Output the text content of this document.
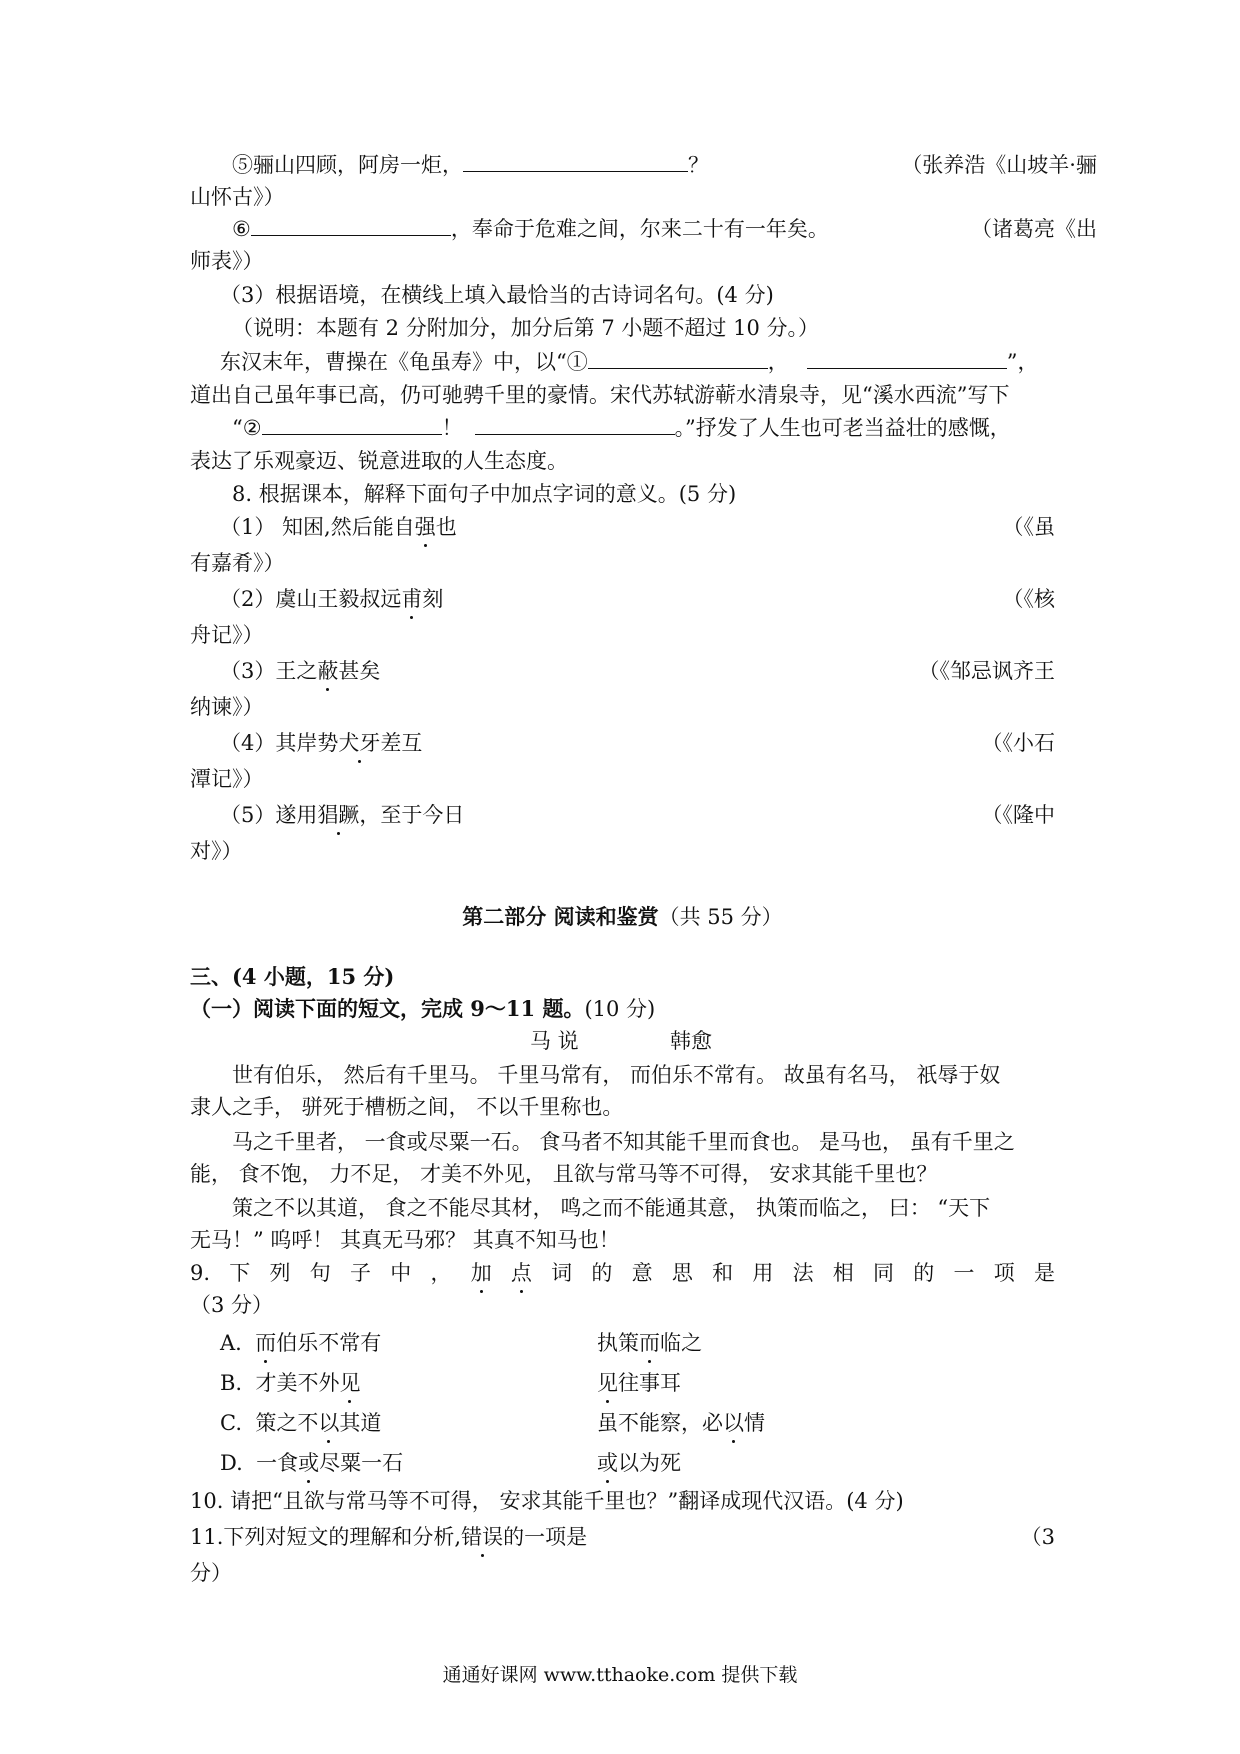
⑤骊山四顾，阿房一炬，	？	（张养浩《山坡羊·骊
山怀古》）
⑥	，奉命于危难之间，尔来二十有一年矣。	（诸葛亮《出
师表》）
（3）根据语境，在横线上填入最恰当的古诗词名句。(4 分)
（说明：本题有 2 分附加分，加分后第 7 小题不超过 10 分。）
东汉末年，曹操在《龟虽寿》中，以“①	，	”，
道出自己虽年事已高，仍可驰骋千里的豪情。宋代苏轼游蕲水清泉寺，见“溪水西流”写下
“②	！	。”抒发了人生也可老当益壮的感慨，
表达了乐观豪迈、锐意进取的人生态度。
8. 根据课本，解释下面句子中加点字词的意义。(5 分)
（1） 知困,然后能自强也	（《虽
有嘉肴》）
（2）虞山王毅叔远甫刻	（《核
舟记》）
（3）王之蔽甚矣	（《邹忌讽齐王
纳谏》）
（4）其岸势犬牙差互	（《小石
潭记》）
（5）遂用猖蹶，至于今日	（《隆中
对》）
第二部分 阅读和鉴赏（共 55 分）
三、(4 小题，15 分)
（一）阅读下面的短文，完成 9～11 题。(10 分)
马 说	韩愈
世有伯乐， 然后有千里马。 千里马常有， 而伯乐不常有。 故虽有名马， 祇辱于奴
隶人之手， 骈死于槽枥之间， 不以千里称也。
马之千里者， 一食或尽粟一石。 食马者不知其能千里而食也。 是马也， 虽有千里之
能， 食不饱， 力不足， 才美不外见， 且欲与常马等不可得， 安求其能千里也？
策之不以其道， 食之不能尽其材， 鸣之而不能通其意， 执策而临之， 曰： “天下
无马！” 呜呼！ 其真无马邪？ 其真不知马也！
9. 下 列 句 子 中 ， 加 点 词 的 意 思 和 用 法 相 同 的 一 项 是
（3 分）
A. 而伯乐不常有	执策而临之
B. 才美不外见	见往事耳
C. 策之不以其道	虽不能察，必以情
D. 一食或尽粟一石	或以为死
10. 请把“且欲与常马等不可得， 安求其能千里也？”翻译成现代汉语。(4 分)
11.下列对短文的理解和分析,错误的一项是	（3
分）
通通好课网 www.tthaoke.com 提供下载
